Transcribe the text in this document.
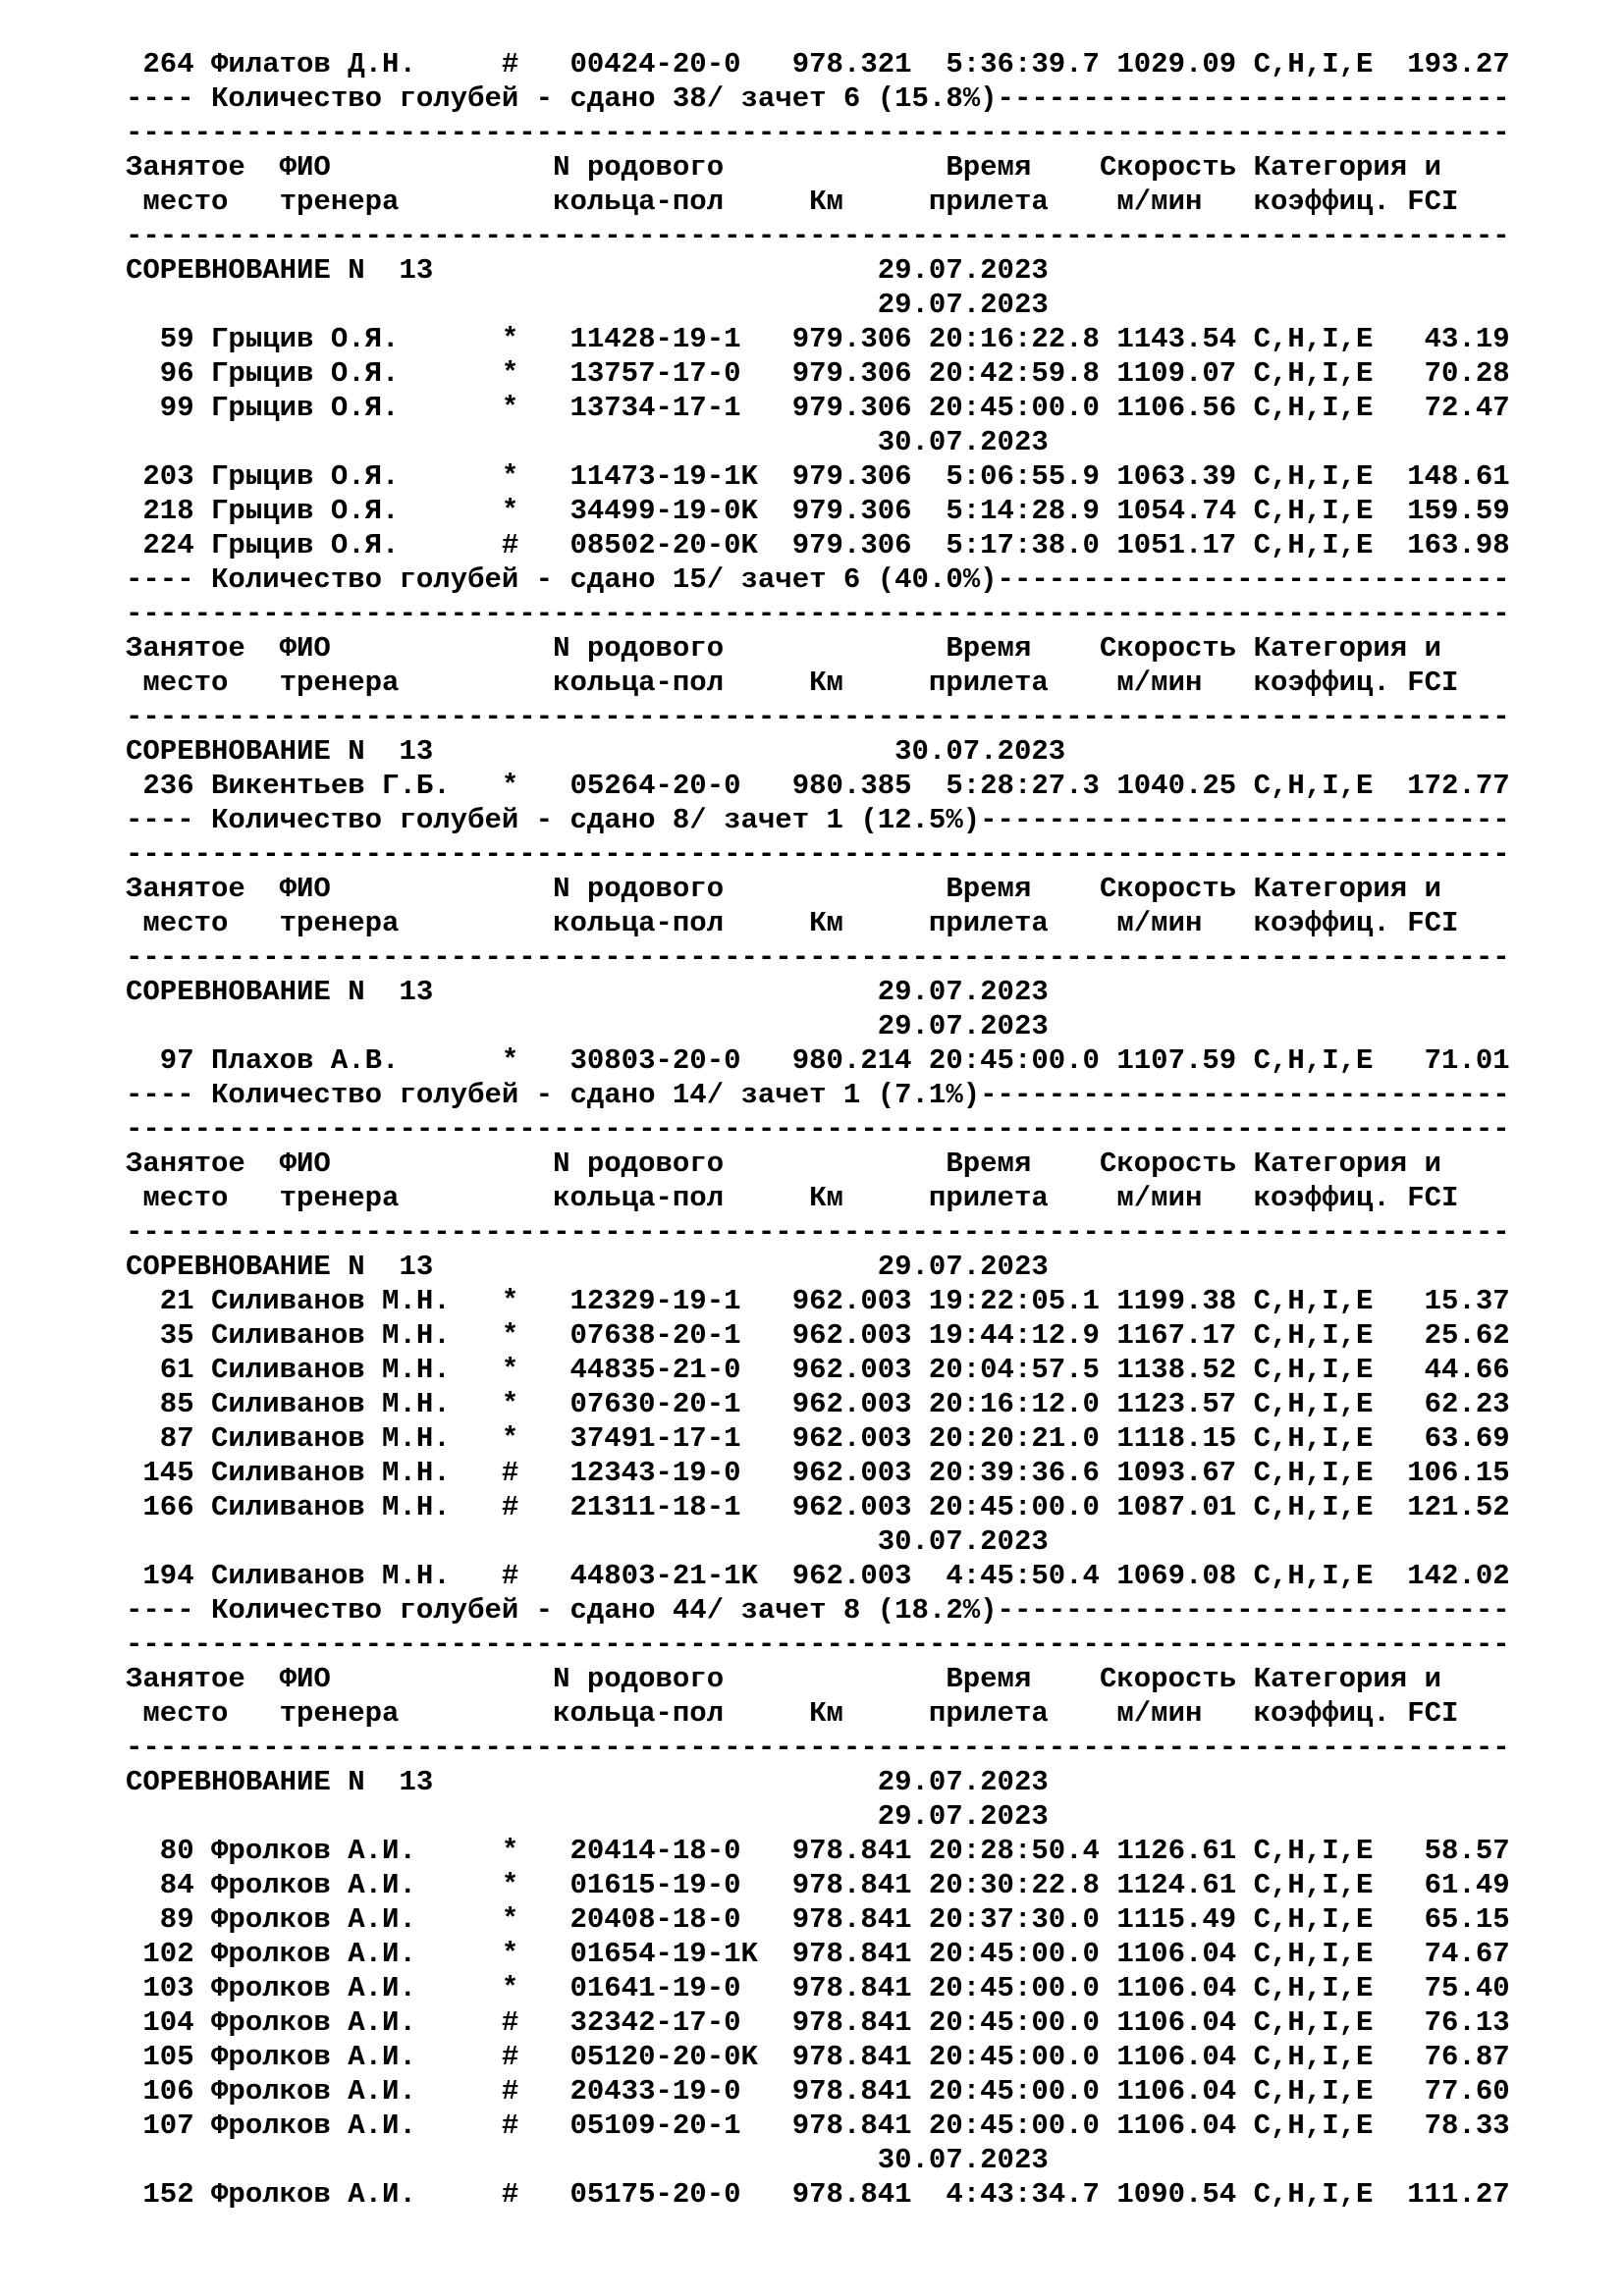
264 Филатов Д.Н.     #   00424-20-0   978.321  5:36:39.7 1029.09 C,H,I,E  193.27
---- Количество голубей - сдано 38/ зачет 6 (15.8%)------------------------------
---------------------------------------------------------------------------------
Занятое  ФИО             N родового             Время    Скорость Категория и
место   тренера         кольца-пол     Км     прилета    м/мин   коэффиц. FCI
---------------------------------------------------------------------------------
СОРЕВНОВАНИЕ N  13                          29.07.2023
29.07.2023
59 Грыцив О.Я.      *   11428-19-1   979.306 20:16:22.8 1143.54 C,H,I,E   43.19
96 Грыцив О.Я.      *   13757-17-0   979.306 20:42:59.8 1109.07 C,H,I,E   70.28
99 Грыцив О.Я.      *   13734-17-1   979.306 20:45:00.0 1106.56 C,H,I,E   72.47
30.07.2023
203 Грыцив О.Я.      *   11473-19-1K  979.306  5:06:55.9 1063.39 C,H,I,E  148.61
218 Грыцив О.Я.      *   34499-19-0K  979.306  5:14:28.9 1054.74 C,H,I,E  159.59
224 Грыцив О.Я.      #   08502-20-0K  979.306  5:17:38.0 1051.17 C,H,I,E  163.98
---- Количество голубей - сдано 15/ зачет 6 (40.0%)------------------------------
---------------------------------------------------------------------------------
Занятое  ФИО             N родового             Время    Скорость Категория и
место   тренера         кольца-пол     Км     прилета    м/мин   коэффиц. FCI
---------------------------------------------------------------------------------
СОРЕВНОВАНИЕ N  13                           30.07.2023
236 Викентьев Г.Б.   *   05264-20-0   980.385  5:28:27.3 1040.25 C,H,I,E  172.77
---- Количество голубей - сдано 8/ зачет 1 (12.5%)-------------------------------
---------------------------------------------------------------------------------
Занятое  ФИО             N родового             Время    Скорость Категория и
место   тренера         кольца-пол     Км     прилета    м/мин   коэффиц. FCI
---------------------------------------------------------------------------------
СОРЕВНОВАНИЕ N  13                          29.07.2023
29.07.2023
97 Плахов А.В.      *   30803-20-0   980.214 20:45:00.0 1107.59 C,H,I,E   71.01
---- Количество голубей - сдано 14/ зачет 1 (7.1%)-------------------------------
---------------------------------------------------------------------------------
Занятое  ФИО             N родового             Время    Скорость Категория и
место   тренера         кольца-пол     Км     прилета    м/мин   коэффиц. FCI
---------------------------------------------------------------------------------
СОРЕВНОВАНИЕ N  13                          29.07.2023
21 Силиванов М.Н.   *   12329-19-1   962.003 19:22:05.1 1199.38 C,H,I,E   15.37
35 Силиванов М.Н.   *   07638-20-1   962.003 19:44:12.9 1167.17 C,H,I,E   25.62
61 Силиванов М.Н.   *   44835-21-0   962.003 20:04:57.5 1138.52 C,H,I,E   44.66
85 Силиванов М.Н.   *   07630-20-1   962.003 20:16:12.0 1123.57 C,H,I,E   62.23
87 Силиванов М.Н.   *   37491-17-1   962.003 20:20:21.0 1118.15 C,H,I,E   63.69
145 Силиванов М.Н.   #   12343-19-0   962.003 20:39:36.6 1093.67 C,H,I,E  106.15
166 Силиванов М.Н.   #   21311-18-1   962.003 20:45:00.0 1087.01 C,H,I,E  121.52
30.07.2023
194 Силиванов М.Н.   #   44803-21-1K  962.003  4:45:50.4 1069.08 C,H,I,E  142.02
---- Количество голубей - сдано 44/ зачет 8 (18.2%)------------------------------
---------------------------------------------------------------------------------
Занятое  ФИО             N родового             Время    Скорость Категория и
место   тренера         кольца-пол     Км     прилета    м/мин   коэффиц. FCI
---------------------------------------------------------------------------------
СОРЕВНОВАНИЕ N  13                          29.07.2023
29.07.2023
80 Фролков А.И.     *   20414-18-0   978.841 20:28:50.4 1126.61 C,H,I,E   58.57
84 Фролков А.И.     *   01615-19-0   978.841 20:30:22.8 1124.61 C,H,I,E   61.49
89 Фролков А.И.     *   20408-18-0   978.841 20:37:30.0 1115.49 C,H,I,E   65.15
102 Фролков А.И.     *   01654-19-1K  978.841 20:45:00.0 1106.04 C,H,I,E   74.67
103 Фролков А.И.     *   01641-19-0   978.841 20:45:00.0 1106.04 C,H,I,E   75.40
104 Фролков А.И.     #   32342-17-0   978.841 20:45:00.0 1106.04 C,H,I,E   76.13
105 Фролков А.И.     #   05120-20-0K  978.841 20:45:00.0 1106.04 C,H,I,E   76.87
106 Фролков А.И.     #   20433-19-0   978.841 20:45:00.0 1106.04 C,H,I,E   77.60
107 Фролков А.И.     #   05109-20-1   978.841 20:45:00.0 1106.04 C,H,I,E   78.33
30.07.2023
152 Фролков А.И.     #   05175-20-0   978.841  4:43:34.7 1090.54 C,H,I,E  111.27
